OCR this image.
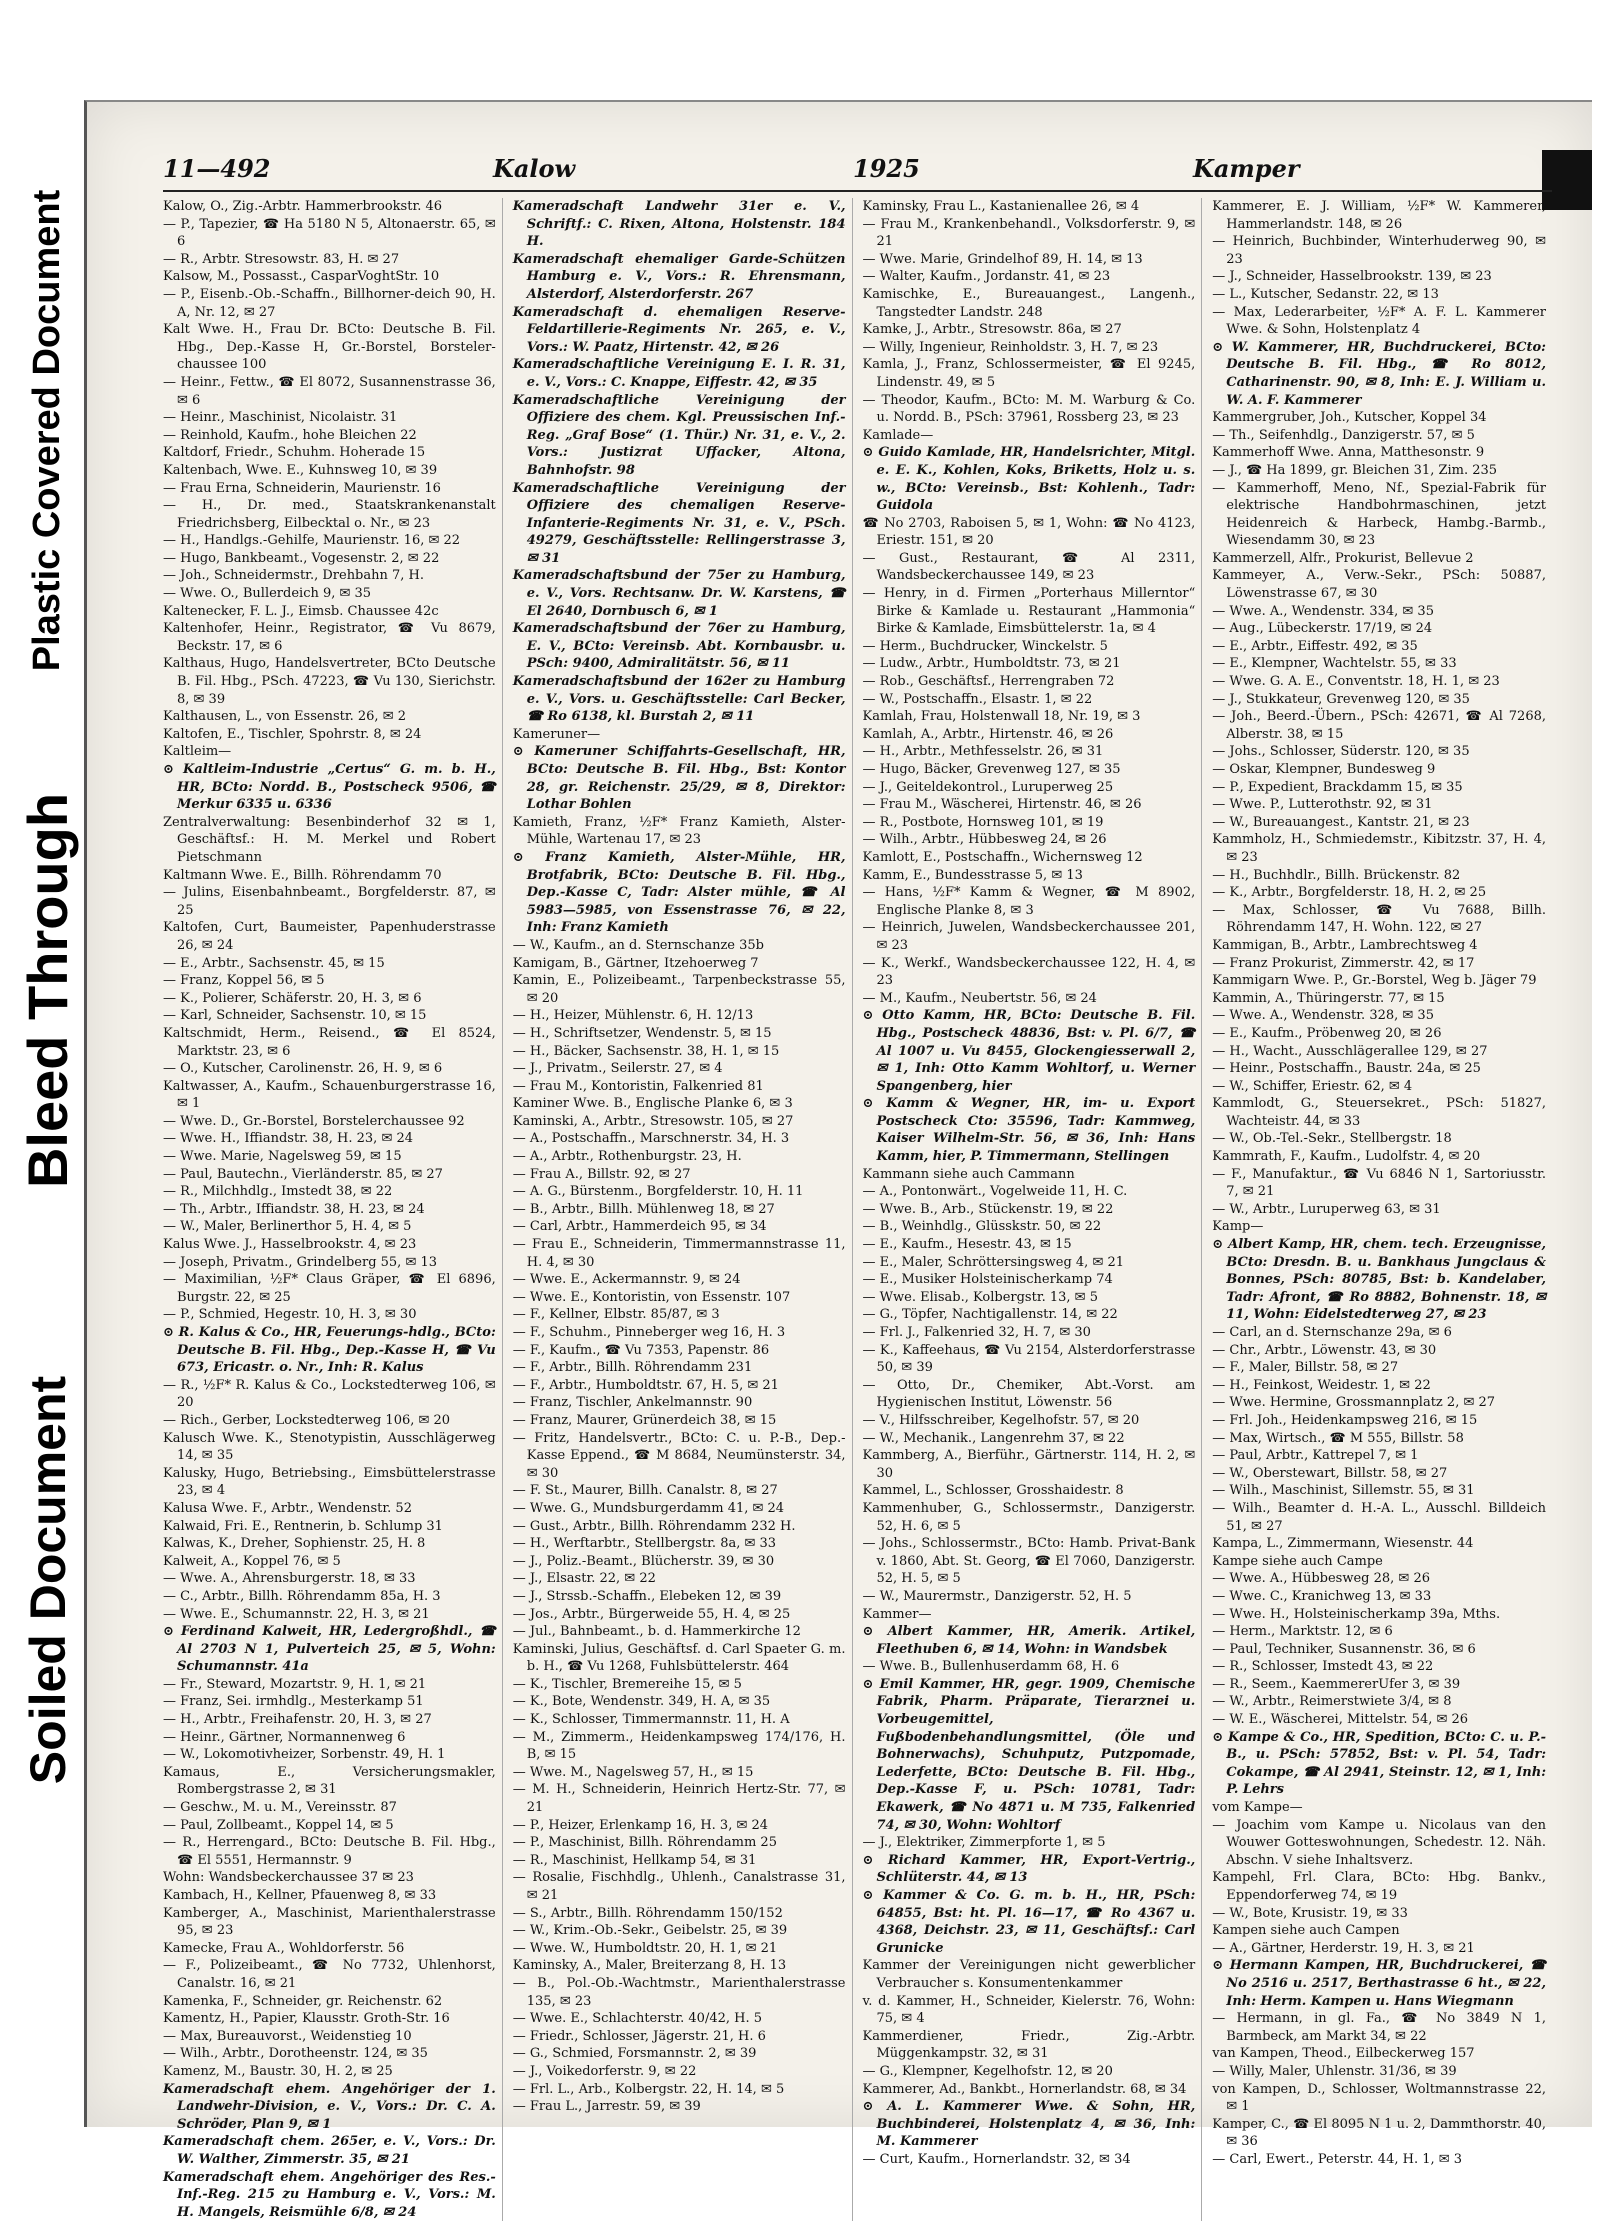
Plastic Covered Document
Bleed Through
Soiled Document
11—492	Kalow	1925	Kamper

Kalow, O., Zig.-Arbtr. Hammerbrookstr. 46

— P., Tapezier, ☎ Ha 5180 N 5, Altonaerstr. 65, ✉ 6

— R., Arbtr. Stresowstr. 83, H. ✉ 27

Kalsow, M., Possasst., CasparVoghtStr. 10

— P., Eisenb.-Ob.-Schaffn., Billhorner-deich 90, H. A, Nr. 12, ✉ 27

Kalt Wwe. H., Frau Dr. BCto: Deutsche B. Fil. Hbg., Dep.-Kasse H, Gr.-Borstel, Borsteler-chaussee 100

— Heinr., Fettw., ☎ El 8072, Susannenstrasse 36, ✉ 6

— Heinr., Maschinist, Nicolaistr. 31

— Reinhold, Kaufm., hohe Bleichen 22

Kaltdorf, Friedr., Schuhm. Hoherade 15

Kaltenbach, Wwe. E., Kuhnsweg 10, ✉ 39

— Frau Erna, Schneiderin, Maurienstr. 16

— H., Dr. med., Staatskrankenanstalt Friedrichsberg, Eilbecktal o. Nr., ✉ 23

— H., Handlgs.-Gehilfe, Maurienstr. 16, ✉ 22

— Hugo, Bankbeamt., Vogesenstr. 2, ✉ 22

— Joh., Schneidermstr., Drehbahn 7, H.

— Wwe. O., Bullerdeich 9, ✉ 35

Kaltenecker, F. L. J., Eimsb. Chaussee 42c

Kaltenhofer, Heinr., Registrator, ☎ Vu 8679, Beckstr. 17, ✉ 6

Kalthaus, Hugo, Handelsvertreter, BCto Deutsche B. Fil. Hbg., PSch. 47223, ☎ Vu 130, Sierichstr. 8, ✉ 39

Kalthausen, L., von Essenstr. 26, ✉ 2

Kaltofen, E., Tischler, Spohrstr. 8, ✉ 24

Kaltleim—

⊙ Kaltleim-Industrie „Certus“ G. m. b. H., HR, BCto: Nordd. B., Postscheck 9506, ☎ Merkur 6335 u. 6336

Zentralverwaltung: Besenbinderhof 32 ✉ 1, Geschäftsf.: H. M. Merkel und Robert Pietschmann

Kaltmann Wwe. E., Billh. Röhrendamm 70

— Julins, Eisenbahnbeamt., Borgfelderstr. 87, ✉ 25

Kaltofen, Curt, Baumeister, Papenhuderstrasse 26, ✉ 24

— E., Arbtr., Sachsenstr. 45, ✉ 15

— Franz, Koppel 56, ✉ 5

— K., Polierer, Schäferstr. 20, H. 3, ✉ 6

— Karl, Schneider, Sachsenstr. 10, ✉ 15

Kaltschmidt, Herm., Reisend., ☎ El 8524, Marktstr. 23, ✉ 6

— O., Kutscher, Carolinenstr. 26, H. 9, ✉ 6

Kaltwasser, A., Kaufm., Schauenburgerstrasse 16, ✉ 1

— Wwe. D., Gr.-Borstel, Borstelerchaussee 92

— Wwe. H., Iffiandstr. 38, H. 23, ✉ 24

— Wwe. Marie, Nagelsweg 59, ✉ 15

— Paul, Bautechn., Vierländerstr. 85, ✉ 27

— R., Milchhdlg., Imstedt 38, ✉ 22

— Th., Arbtr., Iffiandstr. 38, H. 23, ✉ 24

— W., Maler, Berlinerthor 5, H. 4, ✉ 5

Kalus Wwe. J., Hasselbrookstr. 4, ✉ 23

— Joseph, Privatm., Grindelberg 55, ✉ 13

— Maximilian, ½F* Claus Gräper, ☎ El 6896, Burgstr. 22, ✉ 25

— P., Schmied, Hegestr. 10, H. 3, ✉ 30

⊙ R. Kalus & Co., HR, Feuerungs-hdlg., BCto: Deutsche B. Fil. Hbg., Dep.-Kasse H, ☎ Vu 673, Ericastr. o. Nr., Inh: R. Kalus

— R., ½F* R. Kalus & Co., Lockstedterweg 106, ✉ 20

— Rich., Gerber, Lockstedterweg 106, ✉ 20

Kalusch Wwe. K., Stenotypistin, Ausschlägerweg 14, ✉ 35

Kalusky, Hugo, Betriebsing., Eimsbüttelerstrasse 23, ✉ 4

Kalusa Wwe. F., Arbtr., Wendenstr. 52

Kalwaid, Fri. E., Rentnerin, b. Schlump 31

Kalwas, K., Dreher, Sophienstr. 25, H. 8

Kalweit, A., Koppel 76, ✉ 5

— Wwe. A., Ahrensburgerstr. 18, ✉ 33

— C., Arbtr., Billh. Röhrendamm 85a, H. 3

— Wwe. E., Schumannstr. 22, H. 3, ✉ 21

⊙ Ferdinand Kalweit, HR, Ledergroßhdl., ☎ Al 2703 N 1, Pulverteich 25, ✉ 5, Wohn: Schumannstr. 41a

— Fr., Steward, Mozartstr. 9, H. 1, ✉ 21

— Franz, Sei. irmhdlg., Mesterkamp 51

— H., Arbtr., Freihafenstr. 20, H. 3, ✉ 27

— Heinr., Gärtner, Normannenweg 6

— W., Lokomotivheizer, Sorbenstr. 49, H. 1

Kamaus, E., Versicherungsmakler, Rombergstrasse 2, ✉ 31

— Geschw., M. u. M., Vereinsstr. 87

— Paul, Zollbeamt., Koppel 14, ✉ 5

— R., Herrengard., BCto: Deutsche B. Fil. Hbg., ☎ El 5551, Hermannstr. 9

Wohn: Wandsbeckerchaussee 37 ✉ 23

Kambach, H., Kellner, Pfauenweg 8, ✉ 33

Kamberger, A., Maschinist, Marienthalerstrasse 95, ✉ 23

Kamecke, Frau A., Wohldorferstr. 56

— F., Polizeibeamt., ☎ No 7732, Uhlenhorst, Canalstr. 16, ✉ 21

Kamenka, F., Schneider, gr. Reichenstr. 62

Kamentz, H., Papier, Klausstr. Groth-Str. 16

— Max, Bureauvorst., Weidenstieg 10

— Wilh., Arbtr., Dorotheenstr. 124, ✉ 35

Kamenz, M., Baustr. 30, H. 2, ✉ 25

Kameradschaft ehem. Angehöriger der 1. Landwehr-Division, e. V., Vors.: Dr. C. A. Schröder, Plan 9, ✉ 1

Kameradschaft chem. 265er, e. V., Vors.: Dr. W. Walther, Zimmerstr. 35, ✉ 21

Kameradschaft ehem. Angehöriger des Res.-Inf.-Reg. 215 zu Hamburg e. V., Vors.: M. H. Mangels, Reismühle 6/8, ✉ 24

Kameradschaft Landwehr 31er e. V., Schriftf.: C. Rixen, Altona, Holstenstr. 184 H.

Kameradschaft ehemaliger Garde-Schützen Hamburg e. V., Vors.: R. Ehrensmann, Alsterdorf, Alsterdorferstr. 267

Kameradschaft d. ehemaligen Reserve-Feldartillerie-Regiments Nr. 265, e. V., Vors.: W. Paatz, Hirtenstr. 42, ✉ 26

Kameradschaftliche Vereinigung E. I. R. 31, e. V., Vors.: C. Knappe, Eiffestr. 42, ✉ 35

Kameradschaftliche Vereinigung der Offiziere des chem. Kgl. Preussischen Inf.-Reg. „Graf Bose“ (1. Thür.) Nr. 31, e. V., 2. Vors.: Justizrat Uffacker, Altona, Bahnhofstr. 98

Kameradschaftliche Vereinigung der Offiziere des chemaligen Reserve-Infanterie-Regiments Nr. 31, e. V., PSch. 49279, Geschäftsstelle: Rellingerstrasse 3, ✉ 31

Kameradschaftsbund der 75er zu Hamburg, e. V., Vors. Rechtsanw. Dr. W. Karstens, ☎ El 2640, Dornbusch 6, ✉ 1

Kameradschaftsbund der 76er zu Hamburg, E. V., BCto: Vereinsb. Abt. Kornbausbr. u. PSch: 9400, Admiralitätstr. 56, ✉ 11

Kameradschaftsbund der 162er zu Hamburg e. V., Vors. u. Geschäftsstelle: Carl Becker, ☎ Ro 6138, kl. Burstah 2, ✉ 11

Kameruner—

⊙ Kameruner Schiffahrts-Gesellschaft, HR, BCto: Deutsche B. Fil. Hbg., Bst: Kontor 28, gr. Reichenstr. 25/29, ✉ 8, Direktor: Lothar Bohlen

Kamieth, Franz, ½F* Franz Kamieth, Alster-Mühle, Wartenau 17, ✉ 23

⊙ Franz Kamieth, Alster-Mühle, HR, Brotfabrik, BCto: Deutsche B. Fil. Hbg., Dep.-Kasse C, Tadr: Alster mühle, ☎ Al 5983—5985, von Essenstrasse 76, ✉ 22, Inh: Franz Kamieth

— W., Kaufm., an d. Sternschanze 35b

Kamigam, B., Gärtner, Itzehoerweg 7

Kamin, E., Polizeibeamt., Tarpenbeckstrasse 55, ✉ 20

— H., Heizer, Mühlenstr. 6, H. 12/13

— H., Schriftsetzer, Wendenstr. 5, ✉ 15

— H., Bäcker, Sachsenstr. 38, H. 1, ✉ 15

— J., Privatm., Seilerstr. 27, ✉ 4

— Frau M., Kontoristin, Falkenried 81

Kaminer Wwe. B., Englische Planke 6, ✉ 3

Kaminski, A., Arbtr., Stresowstr. 105, ✉ 27

— A., Postschaffn., Marschnerstr. 34, H. 3

— A., Arbtr., Rothenburgstr. 23, H.

— Frau A., Billstr. 92, ✉ 27

— A. G., Bürstenm., Borgfelderstr. 10, H. 11

— B., Arbtr., Billh. Mühlenweg 18, ✉ 27

— Carl, Arbtr., Hammerdeich 95, ✉ 34

— Frau E., Schneiderin, Timmermannstrasse 11, H. 4, ✉ 30

— Wwe. E., Ackermannstr. 9, ✉ 24

— Wwe. E., Kontoristin, von Essenstr. 107

— F., Kellner, Elbstr. 85/87, ✉ 3

— F., Schuhm., Pinneberger weg 16, H. 3

— F., Kaufm., ☎ Vu 7353, Papenstr. 86

— F., Arbtr., Billh. Röhrendamm 231

— F., Arbtr., Humboldtstr. 67, H. 5, ✉ 21

— Franz, Tischler, Ankelmannstr. 90

— Franz, Maurer, Grünerdeich 38, ✉ 15

— Fritz, Handelsvertr., BCto: C. u. P.-B., Dep.-Kasse Eppend., ☎ M 8684, Neumünsterstr. 34, ✉ 30

— F. St., Maurer, Billh. Canalstr. 8, ✉ 27

— Wwe. G., Mundsburgerdamm 41, ✉ 24

— Gust., Arbtr., Billh. Röhrendamm 232 H.

— H., Werftarbtr., Stellbergstr. 8a, ✉ 33

— J., Poliz.-Beamt., Blücherstr. 39, ✉ 30

— J., Elsastr. 22, ✉ 22

— J., Strssb.-Schaffn., Elebeken 12, ✉ 39

— Jos., Arbtr., Bürgerweide 55, H. 4, ✉ 25

— Jul., Bahnbeamt., b. d. Hammerkirche 12

Kaminski, Julius, Geschäftsf. d. Carl Spaeter G. m. b. H., ☎ Vu 1268, Fuhlsbüttelerstr. 464

— K., Tischler, Bremereihe 15, ✉ 5

— K., Bote, Wendenstr. 349, H. A, ✉ 35

— K., Schlosser, Timmermannstr. 11, H. A

— M., Zimmerm., Heidenkampsweg 174/176, H. B, ✉ 15

— Wwe. M., Nagelsweg 57, H., ✉ 15

— M. H., Schneiderin, Heinrich Hertz-Str. 77, ✉ 21

— P., Heizer, Erlenkamp 16, H. 3, ✉ 24

— P., Maschinist, Billh. Röhrendamm 25

— R., Maschinist, Hellkamp 54, ✉ 31

— Rosalie, Fischhdlg., Uhlenh., Canalstrasse 31, ✉ 21

— S., Arbtr., Billh. Röhrendamm 150/152

— W., Krim.-Ob.-Sekr., Geibelstr. 25, ✉ 39

— Wwe. W., Humboldtstr. 20, H. 1, ✉ 21

Kaminsky, A., Maler, Breiterzang 8, H. 13

— B., Pol.-Ob.-Wachtmstr., Marienthalerstrasse 135, ✉ 23

— Wwe. E., Schlachterstr. 40/42, H. 5

— Friedr., Schlosser, Jägerstr. 21, H. 6

— G., Schmied, Forsmannstr. 2, ✉ 39

— J., Voikedorferstr. 9, ✉ 22

— Frl. L., Arb., Kolbergstr. 22, H. 14, ✉ 5

— Frau L., Jarrestr. 59, ✉ 39

Kaminsky, Frau L., Kastanienallee 26, ✉ 4

— Frau M., Krankenbehandl., Volksdorferstr. 9, ✉ 21

— Wwe. Marie, Grindelhof 89, H. 14, ✉ 13

— Walter, Kaufm., Jordanstr. 41, ✉ 23

Kamischke, E., Bureauangest., Langenh., Tangstedter Landstr. 248

Kamke, J., Arbtr., Stresowstr. 86a, ✉ 27

— Willy, Ingenieur, Reinholdstr. 3, H. 7, ✉ 23

Kamla, J., Franz, Schlossermeister, ☎ El 9245, Lindenstr. 49, ✉ 5

— Theodor, Kaufm., BCto: M. M. Warburg & Co. u. Nordd. B., PSch: 37961, Rossberg 23, ✉ 23

Kamlade—

⊙ Guido Kamlade, HR, Handelsrichter, Mitgl. e. E. K., Kohlen, Koks, Briketts, Holz u. s. w., BCto: Vereinsb., Bst: Kohlenh., Tadr: Guidola

☎ No 2703, Raboisen 5, ✉ 1, Wohn: ☎ No 4123, Eriestr. 151, ✉ 20

— Gust., Restaurant, ☎ Al 2311, Wandsbeckerchaussee 149, ✉ 23

— Henry, in d. Firmen „Porterhaus Millerntor“ Birke & Kamlade u. Restaurant „Hammonia“ Birke & Kamlade, Eimsbüttelerstr. 1a, ✉ 4

— Herm., Buchdrucker, Winckelstr. 5

— Ludw., Arbtr., Humboldtstr. 73, ✉ 21

— Rob., Geschäftsf., Herrengraben 72

— W., Postschaffn., Elsastr. 1, ✉ 22

Kamlah, Frau, Holstenwall 18, Nr. 19, ✉ 3

Kamlah, A., Arbtr., Hirtenstr. 46, ✉ 26

— H., Arbtr., Methfesselstr. 26, ✉ 31

— Hugo, Bäcker, Grevenweg 127, ✉ 35

— J., Geiteldekontrol., Luruperweg 25

— Frau M., Wäscherei, Hirtenstr. 46, ✉ 26

— R., Postbote, Hornsweg 101, ✉ 19

— Wilh., Arbtr., Hübbesweg 24, ✉ 26

Kamlott, E., Postschaffn., Wichernsweg 12

Kamm, E., Bundesstrasse 5, ✉ 13

— Hans, ½F* Kamm & Wegner, ☎ M 8902, Englische Planke 8, ✉ 3

— Heinrich, Juwelen, Wandsbeckerchaussee 201, ✉ 23

— K., Werkf., Wandsbeckerchaussee 122, H. 4, ✉ 23

— M., Kaufm., Neubertstr. 56, ✉ 24

⊙ Otto Kamm, HR, BCto: Deutsche B. Fil. Hbg., Postscheck 48836, Bst: v. Pl. 6/7, ☎ Al 1007 u. Vu 8455, Glockengiesserwall 2, ✉ 1, Inh: Otto Kamm Wohltorf, u. Werner Spangenberg, hier

⊙ Kamm & Wegner, HR, im- u. Export Postscheck Cto: 35596, Tadr: Kammweg, Kaiser Wilhelm-Str. 56, ✉ 36, Inh: Hans Kamm, hier, P. Timmermann, Stellingen

Kammann siehe auch Cammann

— A., Pontonwärt., Vogelweide 11, H. C.

— Wwe. B., Arb., Stückenstr. 19, ✉ 22

— B., Weinhdlg., Glüsskstr. 50, ✉ 22

— E., Kaufm., Hesestr. 43, ✉ 15

— E., Maler, Schröttersingsweg 4, ✉ 21

— E., Musiker Holsteinischerkamp 74

— Wwe. Elisab., Kolbergstr. 13, ✉ 5

— G., Töpfer, Nachtigallenstr. 14, ✉ 22

— Frl. J., Falkenried 32, H. 7, ✉ 30

— K., Kaffeehaus, ☎ Vu 2154, Alsterdorferstrasse 50, ✉ 39

— Otto, Dr., Chemiker, Abt.-Vorst. am Hygienischen Institut, Löwenstr. 56

— V., Hilfsschreiber, Kegelhofstr. 57, ✉ 20

— W., Mechanik., Langenrehm 37, ✉ 22

Kammberg, A., Bierführ., Gärtnerstr. 114, H. 2, ✉ 30

Kammel, L., Schlosser, Grosshaidestr. 8

Kammenhuber, G., Schlossermstr., Danzigerstr. 52, H. 6, ✉ 5

— Johs., Schlossermstr., BCto: Hamb. Privat-Bank v. 1860, Abt. St. Georg, ☎ El 7060, Danzigerstr. 52, H. 5, ✉ 5

— W., Maurermstr., Danzigerstr. 52, H. 5

Kammer—

⊙ Albert Kammer, HR, Amerik. Artikel, Fleethuben 6, ✉ 14, Wohn: in Wandsbek

— Wwe. B., Bullenhuserdamm 68, H. 6

⊙ Emil Kammer, HR, gegr. 1909, Chemische Fabrik, Pharm. Präparate, Tierarznei u. Vorbeugemittel, Fußbodenbehandlungsmittel, (Öle und Bohnerwachs), Schuhputz, Putzpomade, Lederfette, BCto: Deutsche B. Fil. Hbg., Dep.-Kasse F, u. PSch: 10781, Tadr: Ekawerk, ☎ No 4871 u. M 735, Falkenried 74, ✉ 30, Wohn: Wohltorf

— J., Elektriker, Zimmerpforte 1, ✉ 5

⊙ Richard Kammer, HR, Export-Vertrig., Schlüterstr. 44, ✉ 13

⊙ Kammer & Co. G. m. b. H., HR, PSch: 64855, Bst: ht. Pl. 16—17, ☎ Ro 4367 u. 4368, Deichstr. 23, ✉ 11, Geschäftsf.: Carl Grunicke

Kammer der Vereinigungen nicht gewerblicher Verbraucher s. Konsumentenkammer

v. d. Kammer, H., Schneider, Kielerstr. 76, Wohn: 75, ✉ 4

Kammerdiener, Friedr., Zig.-Arbtr. Müggenkampstr. 32, ✉ 31

— G., Klempner, Kegelhofstr. 12, ✉ 20

Kammerer, Ad., Bankbt., Hornerlandstr. 68, ✉ 34

⊙ A. L. Kammerer Wwe. & Sohn, HR, Buchbinderei, Holstenplatz 4, ✉ 36, Inh: M. Kammerer

— Curt, Kaufm., Hornerlandstr. 32, ✉ 34

Kammerer, E. J. William, ½F* W. Kammerer, Hammerlandstr. 148, ✉ 26

— Heinrich, Buchbinder, Winterhuderweg 90, ✉ 23

— J., Schneider, Hasselbrookstr. 139, ✉ 23

— L., Kutscher, Sedanstr. 22, ✉ 13

— Max, Lederarbeiter, ½F* A. F. L. Kammerer Wwe. & Sohn, Holstenplatz 4

⊙ W. Kammerer, HR, Buchdruckerei, BCto: Deutsche B. Fil. Hbg., ☎ Ro 8012, Catharinenstr. 90, ✉ 8, Inh: E. J. William u. W. A. F. Kammerer

Kammergruber, Joh., Kutscher, Koppel 34

— Th., Seifenhdlg., Danzigerstr. 57, ✉ 5

Kammerhoff Wwe. Anna, Matthesonstr. 9

— J., ☎ Ha 1899, gr. Bleichen 31, Zim. 235

— Kammerhoff, Meno, Nf., Spezial-Fabrik für elektrische Handbohrmaschinen, jetzt Heidenreich & Harbeck, Hambg.-Barmb., Wiesendamm 30, ✉ 23

Kammerzell, Alfr., Prokurist, Bellevue 2

Kammeyer, A., Verw.-Sekr., PSch: 50887, Löwenstrasse 67, ✉ 30

— Wwe. A., Wendenstr. 334, ✉ 35

— Aug., Lübeckerstr. 17/19, ✉ 24

— E., Arbtr., Eiffestr. 492, ✉ 35

— E., Klempner, Wachtelstr. 55, ✉ 33

— Wwe. G. A. E., Conventstr. 18, H. 1, ✉ 23

— J., Stukkateur, Grevenweg 120, ✉ 35

— Joh., Beerd.-Übern., PSch: 42671, ☎ Al 7268, Alberstr. 38, ✉ 15

— Johs., Schlosser, Süderstr. 120, ✉ 35

— Oskar, Klempner, Bundesweg 9

— P., Expedient, Brackdamm 15, ✉ 35

— Wwe. P., Lutterothstr. 92, ✉ 31

— W., Bureauangest., Kantstr. 21, ✉ 23

Kammholz, H., Schmiedemstr., Kibitzstr. 37, H. 4, ✉ 23

— H., Buchhdlr., Billh. Brückenstr. 82

— K., Arbtr., Borgfelderstr. 18, H. 2, ✉ 25

— Max, Schlosser, ☎ Vu 7688, Billh. Röhrendamm 147, H. Wohn. 122, ✉ 27

Kammigan, B., Arbtr., Lambrechtsweg 4

— Franz Prokurist, Zimmerstr. 42, ✉ 17

Kammigarn Wwe. P., Gr.-Borstel, Weg b. Jäger 79

Kammin, A., Thüringerstr. 77, ✉ 15

— Wwe. A., Wendenstr. 328, ✉ 35

— E., Kaufm., Pröbenweg 20, ✉ 26

— H., Wacht., Ausschlägerallee 129, ✉ 27

— Heinr., Postschaffn., Baustr. 24a, ✉ 25

— W., Schiffer, Eriestr. 62, ✉ 4

Kammlodt, G., Steuersekret., PSch: 51827, Wachteistr. 44, ✉ 33

— W., Ob.-Tel.-Sekr., Stellbergstr. 18

Kammrath, F., Kaufm., Ludolfstr. 4, ✉ 20

— F., Manufaktur., ☎ Vu 6846 N 1, Sartoriusstr. 7, ✉ 21

— W., Arbtr., Luruperweg 63, ✉ 31

Kamp—

⊙ Albert Kamp, HR, chem. tech. Erzeugnisse, BCto: Dresdn. B. u. Bankhaus Jungclaus & Bonnes, PSch: 80785, Bst: b. Kandelaber, Tadr: Afront, ☎ Ro 8882, Bohnenstr. 18, ✉ 11, Wohn: Eidelstedterweg 27, ✉ 23

— Carl, an d. Sternschanze 29a, ✉ 6

— Chr., Arbtr., Löwenstr. 43, ✉ 30

— F., Maler, Billstr. 58, ✉ 27

— H., Feinkost, Weidestr. 1, ✉ 22

— Wwe. Hermine, Grossmannplatz 2, ✉ 27

— Frl. Joh., Heidenkampsweg 216, ✉ 15

— Max, Wirtsch., ☎ M 555, Billstr. 58

— Paul, Arbtr., Kattrepel 7, ✉ 1

— W., Oberstewart, Billstr. 58, ✉ 27

— Wilh., Maschinist, Sillemstr. 55, ✉ 31

— Wilh., Beamter d. H.-A. L., Ausschl. Billdeich 51, ✉ 27

Kampa, L., Zimmermann, Wiesenstr. 44

Kampe siehe auch Campe

— Wwe. A., Hübbesweg 28, ✉ 26

— Wwe. C., Kranichweg 13, ✉ 33

— Wwe. H., Holsteinischerkamp 39a, Mths.

— Herm., Marktstr. 12, ✉ 6

— Paul, Techniker, Susannenstr. 36, ✉ 6

— R., Schlosser, Imstedt 43, ✉ 22

— R., Seem., KaemmererUfer 3, ✉ 39

— W., Arbtr., Reimerstwiete 3/4, ✉ 8

— W. E., Wäscherei, Mittelstr. 54, ✉ 26

⊙ Kampe & Co., HR, Spedition, BCto: C. u. P.-B., u. PSch: 57852, Bst: v. Pl. 54, Tadr: Cokampe, ☎ Al 2941, Steinstr. 12, ✉ 1, Inh: P. Lehrs

vom Kampe—

— Joachim vom Kampe u. Nicolaus van den Wouwer Gotteswohnungen, Schedestr. 12. Näh. Abschn. V siehe Inhaltsverz.

Kampehl, Frl. Clara, BCto: Hbg. Bankv., Eppendorferweg 74, ✉ 19

— W., Bote, Krusistr. 19, ✉ 33

Kampen siehe auch Campen

— A., Gärtner, Herderstr. 19, H. 3, ✉ 21

⊙ Hermann Kampen, HR, Buchdruckerei, ☎ No 2516 u. 2517, Berthastrasse 6 ht., ✉ 22, Inh: Herm. Kampen u. Hans Wiegmann

— Hermann, in gl. Fa., ☎ No 3849 N 1, Barmbeck, am Markt 34, ✉ 22

van Kampen, Theod., Eilbeckerweg 157

— Willy, Maler, Uhlenstr. 31/36, ✉ 39

von Kampen, D., Schlosser, Woltmannstrasse 22, ✉ 1

Kamper, C., ☎ El 8095 N 1 u. 2, Dammthorstr. 40, ✉ 36

— Carl, Ewert., Peterstr. 44, H. 1, ✉ 3
